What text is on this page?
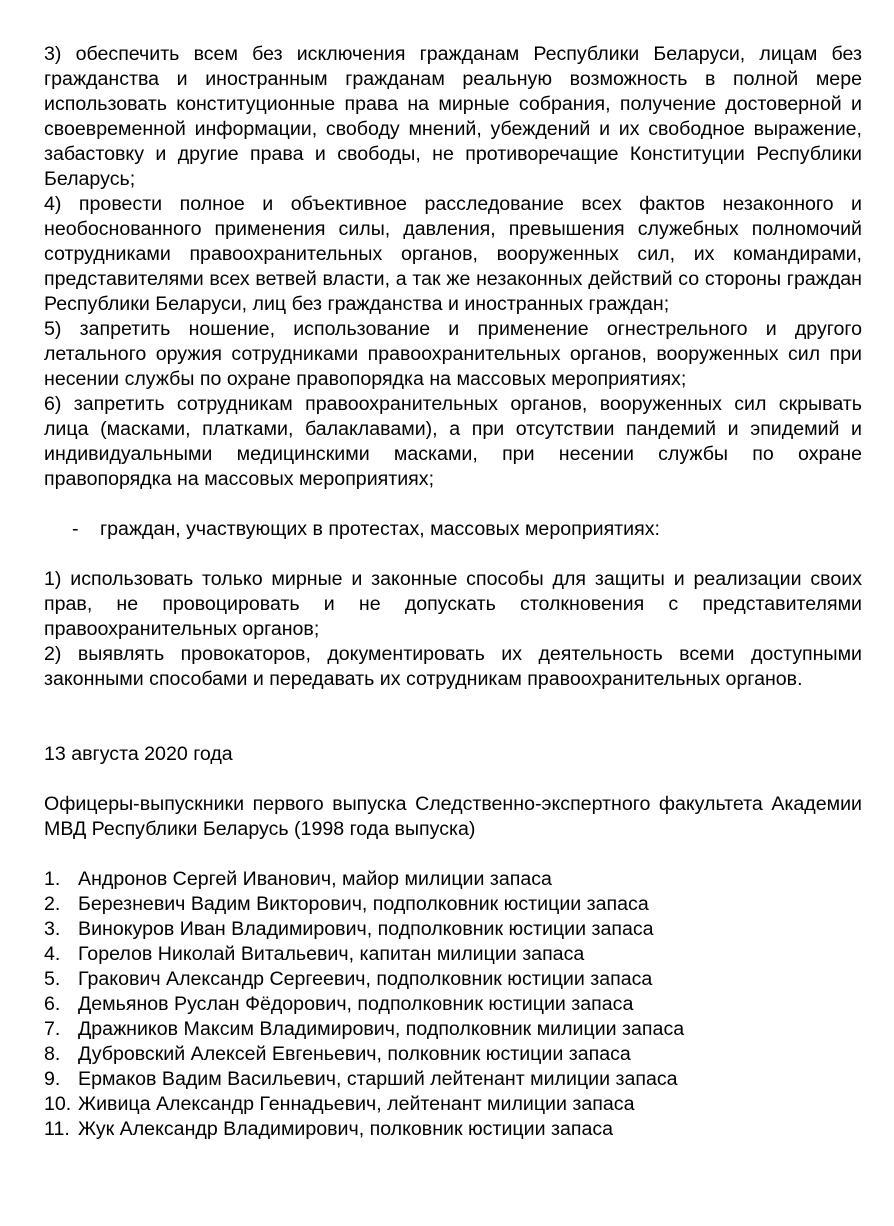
3) обеспечить всем без исключения гражданам Республики Беларуси, лицам без гражданства и иностранным гражданам реальную возможность в полной мере использовать конституционные права на мирные собрания, получение достоверной и своевременной информации, свободу мнений, убеждений и их свободное выражение, забастовку и другие права и свободы, не противоречащие Конституции Республики Беларусь;

4) провести полное и объективное расследование всех фактов незаконного и необоснованного применения силы, давления, превышения служебных полномочий сотрудниками правоохранительных органов, вооруженных сил, их командирами, представителями всех ветвей власти, а так же незаконных действий со стороны граждан Республики Беларуси, лиц без гражданства и иностранных граждан;

5) запретить ношение, использование и применение огнестрельного и другого летального оружия сотрудниками правоохранительных органов, вооруженных сил при несении службы по охране правопорядка на массовых мероприятиях;

6) запретить сотрудникам правоохранительных органов, вооруженных сил скрывать лица (масками, платками, балаклавами), а при отсутствии пандемий и эпидемий и индивидуальными медицинскими масками, при несении службы по охране правопорядка на массовых мероприятиях;

-	граждан, участвующих в протестах, массовых мероприятиях:

1) использовать только мирные и законные способы для защиты и реализации своих прав, не провоцировать и не допускать столкновения с представителями правоохранительных органов;

2) выявлять провокаторов, документировать их деятельность всеми доступными законными способами и передавать их сотрудникам правоохранительных органов.

13 августа 2020 года

Офицеры-выпускники первого выпуска Следственно-экспертного факультета Академии МВД Республики Беларусь (1998 года выпуска)

1. Андронов Сергей Иванович, майор милиции запаса
2. Березневич Вадим Викторович, подполковник юстиции запаса
3. Винокуров Иван Владимирович, подполковник юстиции запаса
4. Горелов Николай Витальевич, капитан милиции запаса
5. Гракович Александр Сергеевич, подполковник юстиции запаса
6. Демьянов Руслан Фёдорович, подполковник юстиции запаса
7. Дражников Максим Владимирович, подполковник милиции запаса
8. Дубровский Алексей Евгеньевич, полковник юстиции запаса
9. Ермаков Вадим Васильевич, старший лейтенант милиции запаса
10. Живица Александр Геннадьевич, лейтенант милиции запаса
11. Жук Александр Владимирович, полковник юстиции запаса
